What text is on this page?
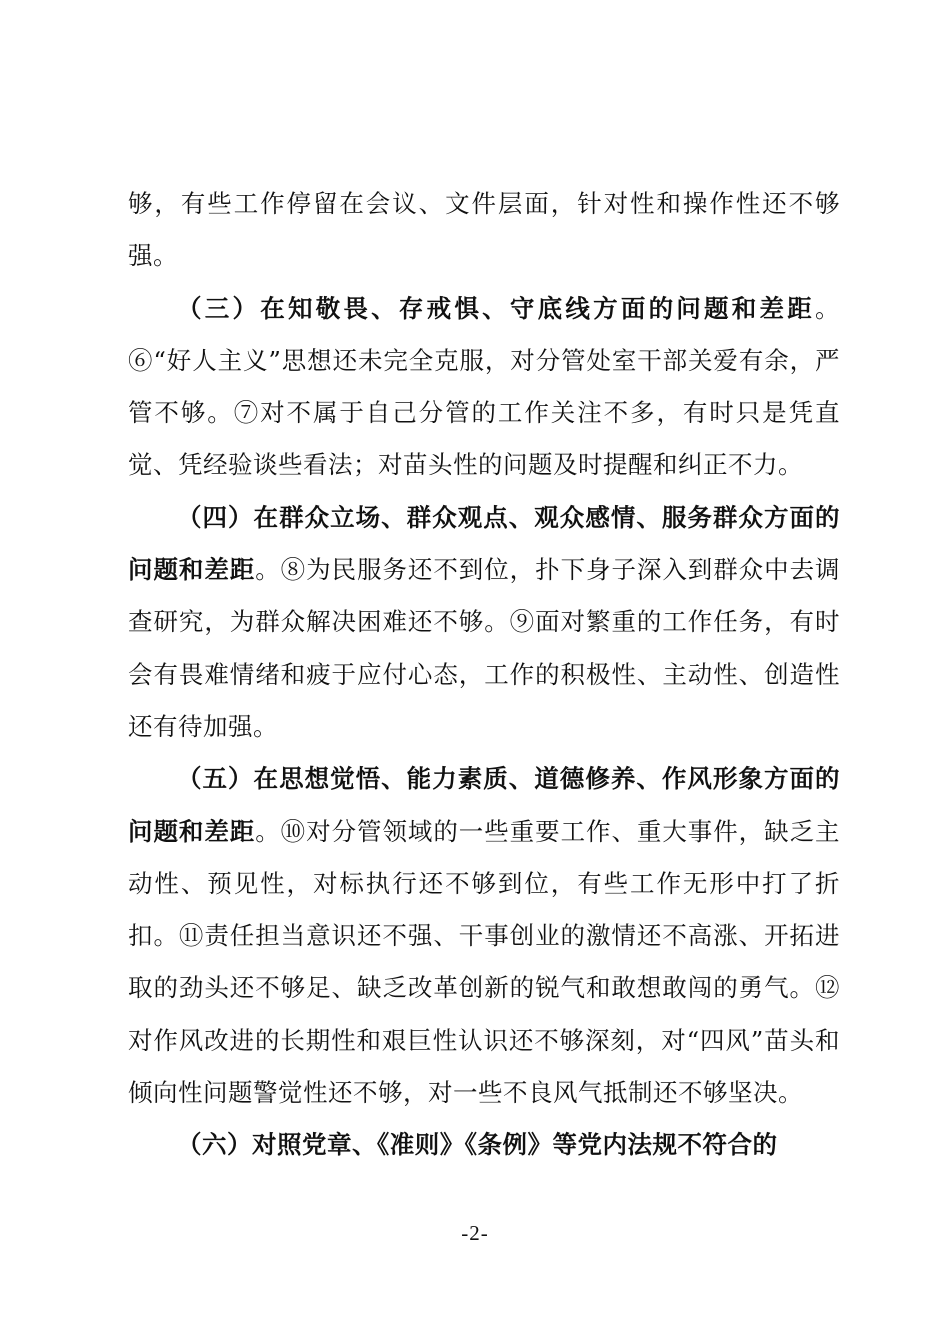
够，有些工作停留在会议、文件层面，针对性和操作性还不够强。

（三）在知敬畏、存戒惧、守底线方面的问题和差距。⑥“好人主义”思想还未完全克服，对分管处室干部关爱有余，严管不够。⑦对不属于自己分管的工作关注不多，有时只是凭直觉、凭经验谈些看法；对苗头性的问题及时提醒和纠正不力。

（四）在群众立场、群众观点、观众感情、服务群众方面的问题和差距。⑧为民服务还不到位，扑下身子深入到群众中去调查研究，为群众解决困难还不够。⑨面对繁重的工作任务，有时会有畏难情绪和疲于应付心态，工作的积极性、主动性、创造性还有待加强。

（五）在思想觉悟、能力素质、道德修养、作风形象方面的问题和差距。⑩对分管领域的一些重要工作、重大事件，缺乏主动性、预见性，对标执行还不够到位，有些工作无形中打了折扣。⑪责任担当意识还不强、干事创业的激情还不高涨、开拓进取的劲头还不够足、缺乏改革创新的锐气和敢想敢闯的勇气。⑫对作风改进的长期性和艰巨性认识还不够深刻，对“四风”苗头和倾向性问题警觉性还不够，对一些不良风气抵制还不够坚决。

（六）对照党章、《准则》《条例》等党内法规不符合的

-2-
